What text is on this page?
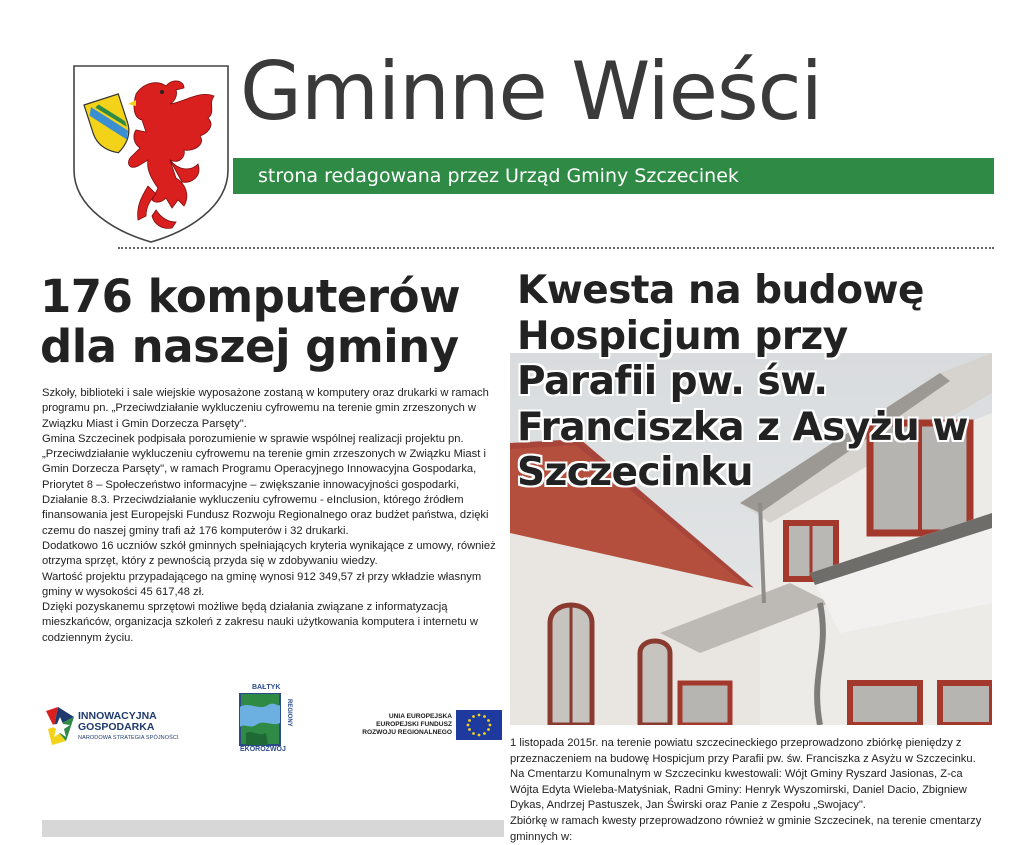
Gminne Wieści
strona redagowana przez Urząd Gminy Szczecinek
176 komputerów dla naszej gminy

Szkoły, biblioteki i sale wiejskie wyposażone zostaną w komputery oraz drukarki w ramach programu pn. „Przeciwdziałanie wykluczeniu cyfrowemu na terenie gmin zrzeszonych w Związku Miast i Gmin Dorzecza Parsęty".

Gmina Szczecinek podpisała porozumienie w sprawie wspólnej realizacji projektu pn. „Przeciwdziałanie wykluczeniu cyfrowemu na terenie gmin zrzeszonych w Związku Miast i Gmin Dorzecza Parsęty", w ramach Programu Operacyjnego Innowacyjna Gospodarka, Priorytet 8 – Społeczeństwo informacyjne – zwiększanie innowacyjności gospodarki, Działanie 8.3. Przeciwdziałanie wykluczeniu cyfrowemu - eInclusion, którego źródłem finansowania jest Europejski Fundusz Rozwoju Regionalnego oraz budżet państwa, dzięki czemu do naszej gminy trafi aż 176 komputerów i 32 drukarki.

Dodatkowo 16 uczniów szkół gminnych spełniających kryteria wynikające z umowy, również otrzyma sprzęt, który z pewnością przyda się w zdobywaniu wiedzy.

Wartość projektu przypadającego na gminę wynosi 912 349,57 zł przy wkładzie własnym gminy w wysokości 45 617,48 zł.

Dzięki pozyskanemu sprzętowi możliwe będą działania związane z informatyzacją mieszkańców, organizacja szkoleń z zakresu nauki użytkowania komputera i internetu w codziennym życiu.

INNOWACYJNA
GOSPODARKA
NARODOWA STRATEGIA SPÓJNOŚCI
BAŁTYK
REGIONY
EKOROZWÓJ
UNIA EUROPEJSKA
EUROPEJSKI FUNDUSZ
ROZWOJU REGIONALNEGO
Kwesta na budowę Hospicjum przy Parafii pw. św. Franciszka z Asyżu w Szczecinku

1 listopada 2015r. na terenie powiatu szczecineckiego przeprowadzono zbiórkę pieniędzy z przeznaczeniem na budowę Hospicjum przy Parafii pw. św. Franciszka z Asyżu w Szczecinku. Na Cmentarzu Komunalnym w Szczecinku kwestowali: Wójt Gminy Ryszard Jasionas, Z-ca Wójta Edyta Wieleba-Matyśniak, Radni Gminy: Henryk Wyszomirski, Daniel Dacio, Zbigniew Dykas, Andrzej Pastuszek, Jan Świrski oraz Panie z Zespołu „Swojacy".

Zbiórkę w ramach kwesty przeprowadzono również w gminie Szczecinek, na terenie cmentarzy gminnych w:
